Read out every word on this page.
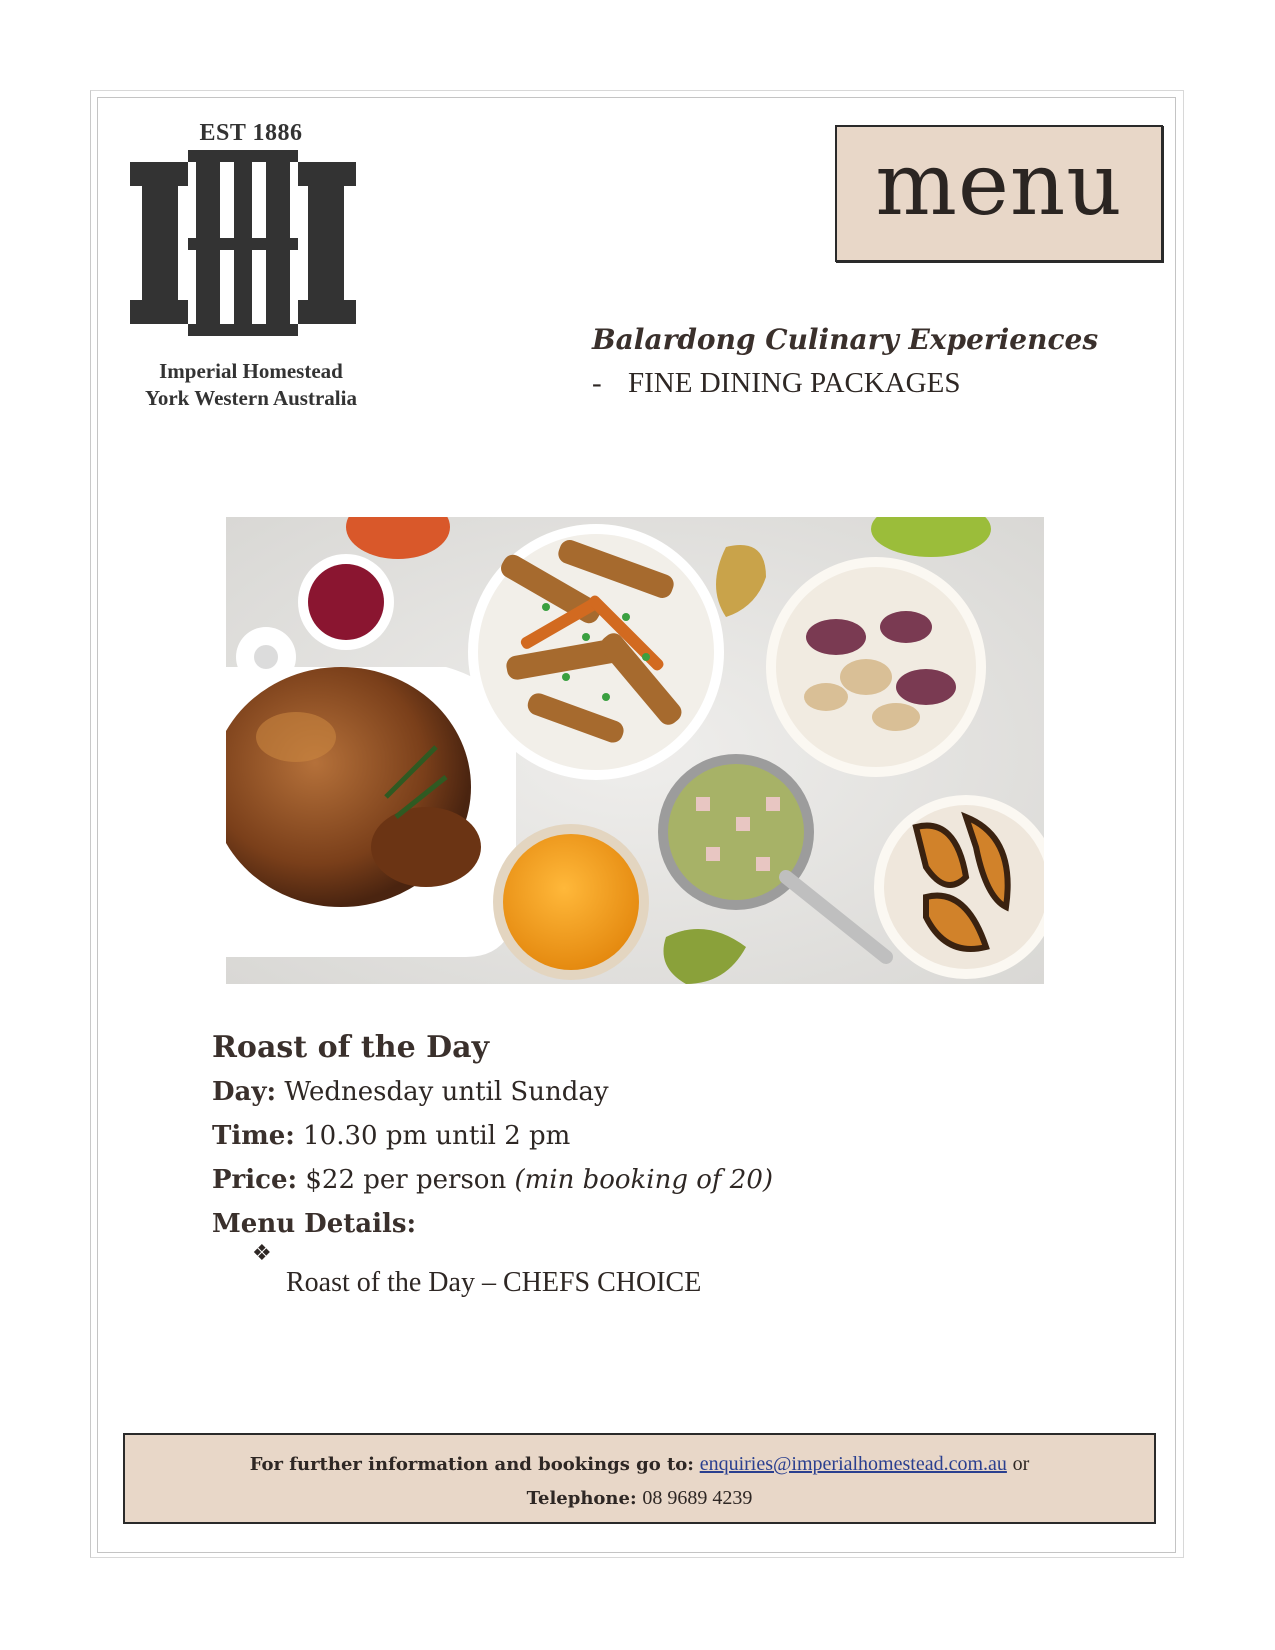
EST 1886
Imperial Homestead
York Western Australia
menu
Balardong Culinary Experiences
- FINE DINING PACKAGES
Roast of the Day
Day: Wednesday until Sunday
Time: 10.30 pm until 2 pm
Price: $22 per person (min booking of 20)
Menu Details:
❖
Roast of the Day – CHEFS CHOICE
For further information and bookings go to: enquiries@imperialhomestead.com.au or
Telephone: 08 9689 4239
